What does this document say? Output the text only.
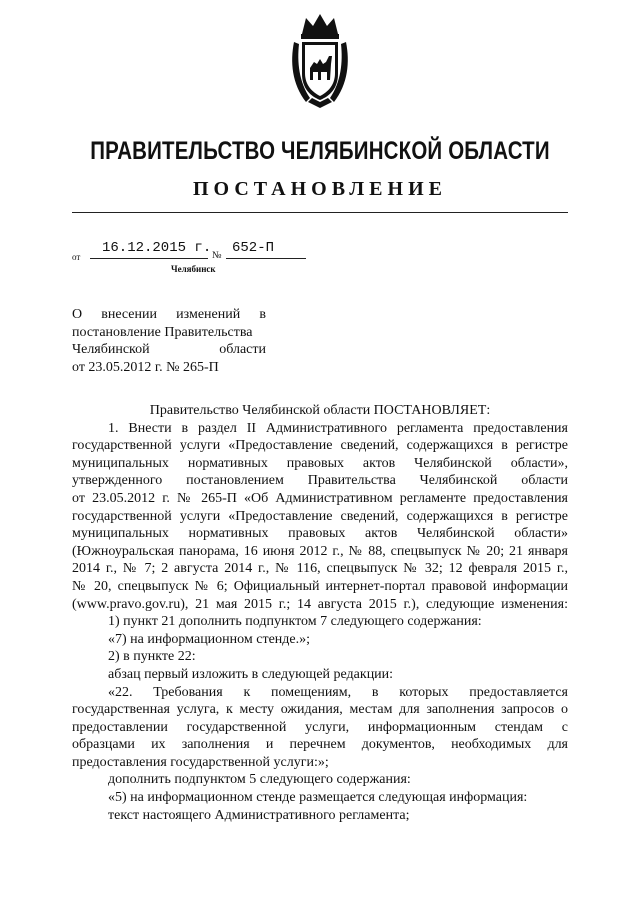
ПРАВИТЕЛЬСТВО ЧЕЛЯБИНСКОЙ ОБЛАСТИ
ПОСТАНОВЛЕНИЕ
от
16.12.2015 г. № 652-П
Челябинск
О внесении изменений в
постановление Правительства
Челябинской области
от 23.05.2012 г. № 265-П
Правительство Челябинской области ПОСТАНОВЛЯЕТ:
1. Внести в раздел II Административного регламента предоставления
государственной услуги «Предоставление сведений, содержащихся в регистре
муниципальных нормативных правовых актов Челябинской области»,
утвержденного постановлением Правительства Челябинской области
от 23.05.2012 г. № 265-П «Об Административном регламенте предоставления
государственной услуги «Предоставление сведений, содержащихся в регистре
муниципальных нормативных правовых актов Челябинской области»
(Южноуральская панорама, 16 июня 2012 г., № 88, спецвыпуск № 20; 21 января
2014 г., № 7; 2 августа 2014 г., № 116, спецвыпуск № 32; 12 февраля 2015 г.,
№ 20, спецвыпуск № 6; Официальный интернет-портал правовой информации
(www.pravo.gov.ru), 21 мая 2015 г.; 14 августа 2015 г.), следующие изменения:
1) пункт 21 дополнить подпунктом 7 следующего содержания:
«7) на информационном стенде.»;
2) в пункте 22:
абзац первый изложить в следующей редакции:
«22. Требования к помещениям, в которых предоставляется
государственная услуга, к месту ожидания, местам для заполнения запросов о
предоставлении государственной услуги, информационным стендам с
образцами их заполнения и перечнем документов, необходимых для
предоставления государственной услуги:»;
дополнить подпунктом 5 следующего содержания:
«5) на информационном стенде размещается следующая информация:
текст настоящего Административного регламента;
